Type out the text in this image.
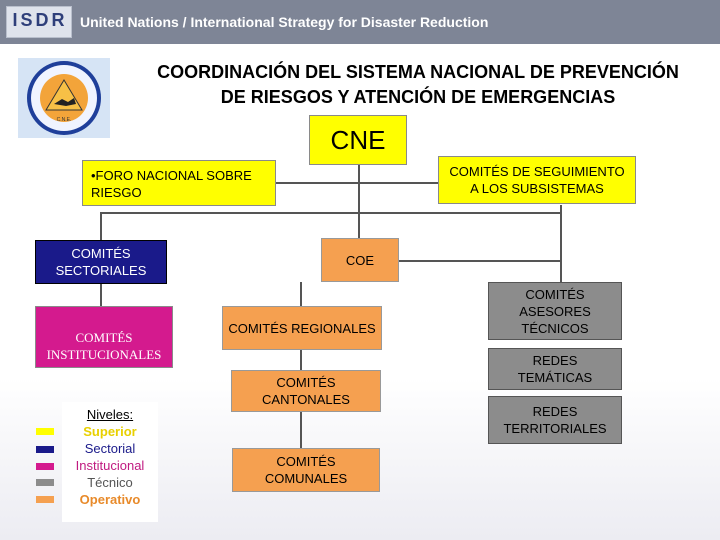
ISDR United Nations / International Strategy for Disaster Reduction
C.N.E.
COORDINACIÓN DEL SISTEMA NACIONAL DE PREVENCIÓN
DE RIESGOS Y ATENCIÓN DE EMERGENCIAS
CNE
•FORO NACIONAL SOBRE RIESGO
COMITÉS DE SEGUIMIENTO A LOS SUBSISTEMAS
COMITÉS SECTORIALES
COE
COMITÉS INSTITUCIONALES
COMITÉS REGIONALES
COMITÉS CANTONALES
COMITÉS COMUNALES
COMITÉS ASESORES TÉCNICOS
REDES TEMÁTICAS
REDES TERRITORIALES
Niveles:
Superior
Sectorial
Institucional
Técnico
Operativo
